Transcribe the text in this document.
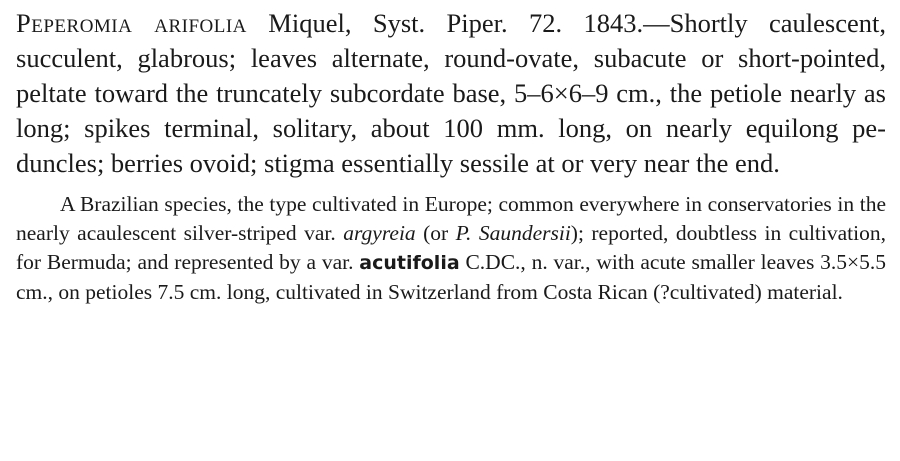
Peperomia arifolia Miquel, Syst. Piper. 72. 1843.—Shortly caulescent, succulent, glabrous; leaves alternate, round-ovate, subacute or short-pointed, peltate toward the truncately subcordate base, 5–6×6–9 cm., the petiole nearly as long; spikes terminal, solitary, about 100 mm. long, on nearly equilong peduncles; berries ovoid; stigma essentially sessile at or very near the end.

A Brazilian species, the type cultivated in Europe; common everywhere in conservatories in the nearly acaulescent silver-striped var. argyreia (or P. Saundersii); reported, doubtless in cultivation, for Bermuda; and represented by a var. acutifolia C.DC., n. var., with acute smaller leaves 3.5×5.5 cm., on petioles 7.5 cm. long, cultivated in Switzerland from Costa Rican (?cultivated) material.
